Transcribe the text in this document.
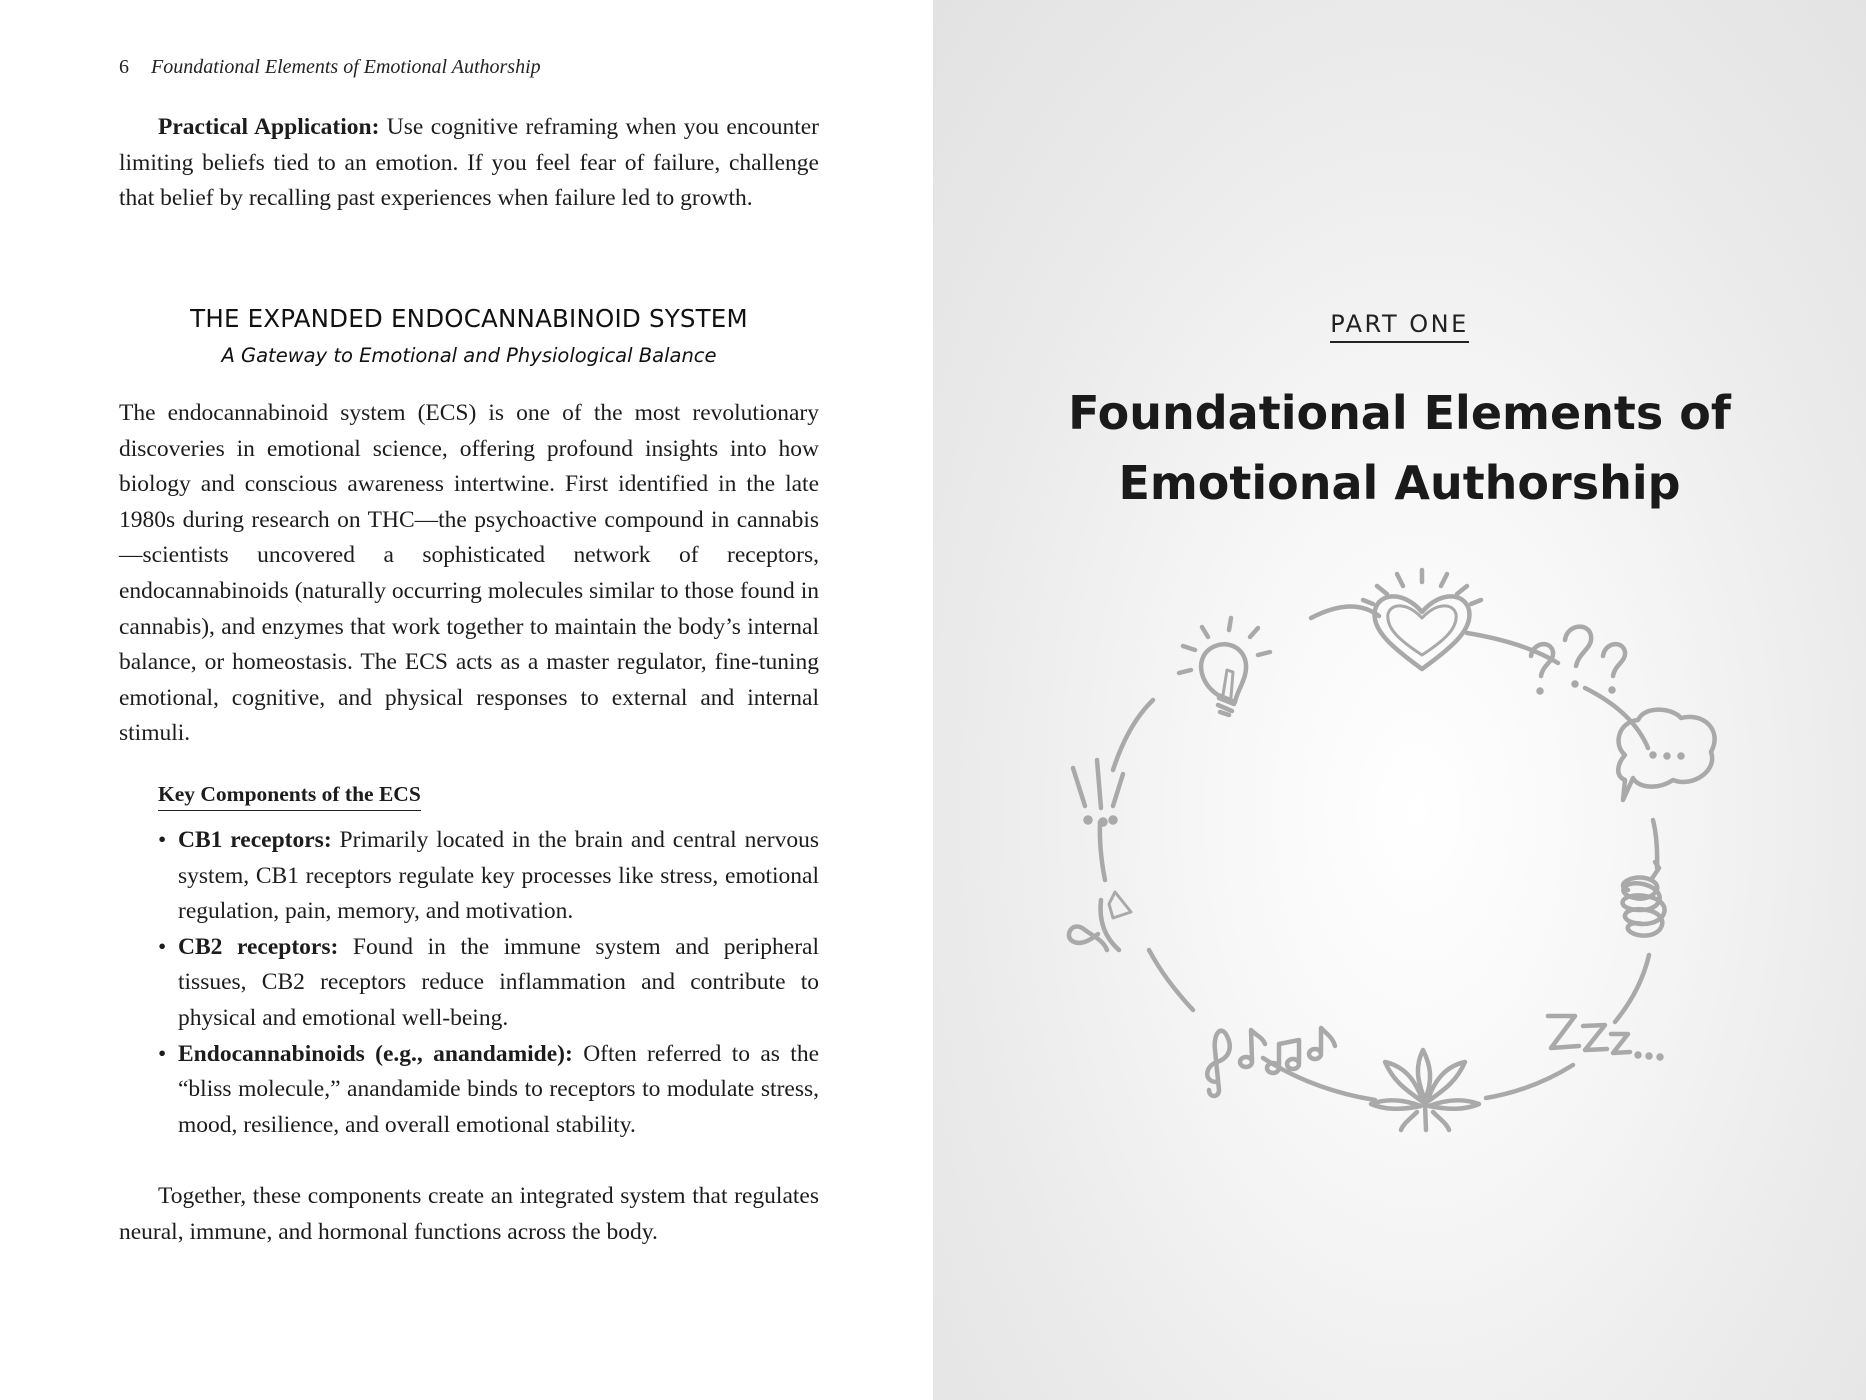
6 Foundational Elements of Emotional Authorship

Practical Application: Use cognitive reframing when you encounter limiting beliefs tied to an emotion. If you feel fear of failure, challenge that belief by recalling past experiences when failure led to growth.

THE EXPANDED ENDOCANNABINOID SYSTEM
A Gateway to Emotional and Physiological Balance

The endocannabinoid system (ECS) is one of the most revolutionary discoveries in emotional science, offering profound insights into how biology and conscious awareness intertwine. First identified in the late 1980s during research on THC—the psychoactive compound in cannabis—scientists uncovered a sophisticated network of receptors, endocannabinoids (naturally occurring molecules similar to those found in cannabis), and enzymes that work together to maintain the body’s internal balance, or homeostasis. The ECS acts as a master regulator, fine-tuning emotional, cognitive, and physical responses to external and internal stimuli.

Key Components of the ECS
• CB1 receptors: Primarily located in the brain and central nervous system, CB1 receptors regulate key processes like stress, emotional regulation, pain, memory, and motivation.
• CB2 receptors: Found in the immune system and peripheral tissues, CB2 receptors reduce inflammation and contribute to physical and emotional well-being.
• Endocannabinoids (e.g., anandamide): Often referred to as the “bliss molecule,” anandamide binds to receptors to modulate stress, mood, resilience, and overall emotional stability.

Together, these components create an integrated system that regulates neural, immune, and hormonal functions across the body.

PART ONE
Foundational Elements of
Emotional Authorship
